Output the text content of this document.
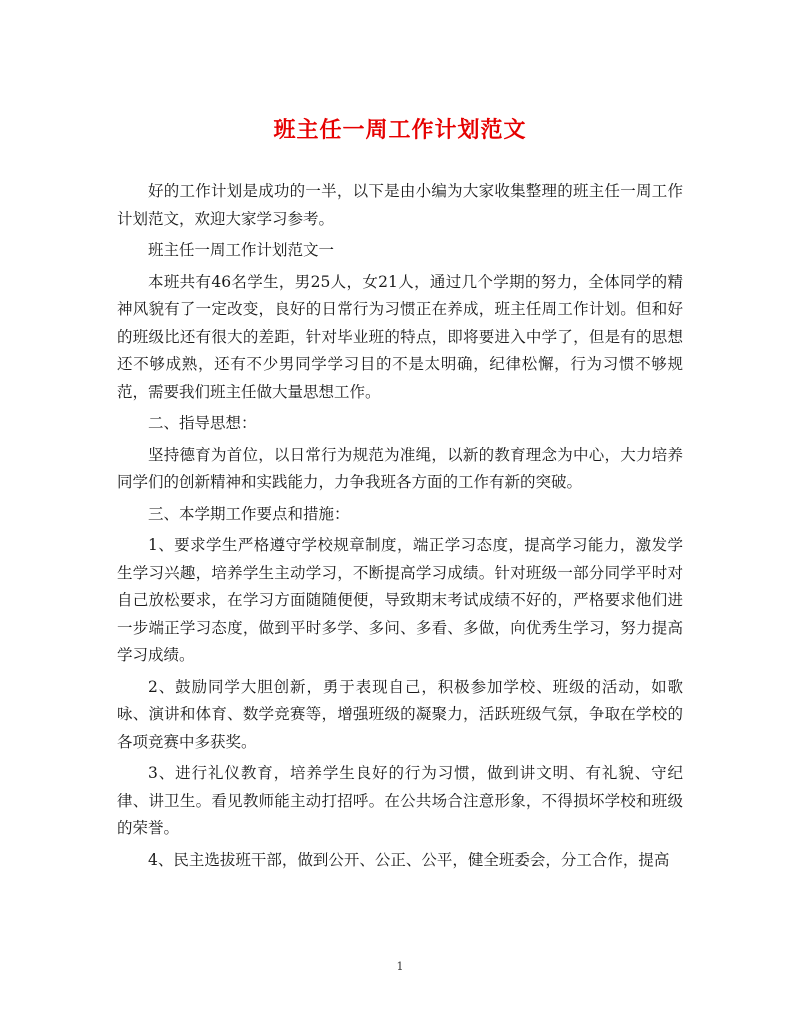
班主任一周工作计划范文

好的工作计划是成功的一半，以下是由小编为大家收集整理的班主任一周工作计划范文，欢迎大家学习参考。

班主任一周工作计划范文一

本班共有46名学生，男25人，女21人，通过几个学期的努力，全体同学的精神风貌有了一定改变，良好的日常行为习惯正在养成，班主任周工作计划。但和好的班级比还有很大的差距，针对毕业班的特点，即将要进入中学了，但是有的思想还不够成熟，还有不少男同学学习目的不是太明确，纪律松懈，行为习惯不够规范，需要我们班主任做大量思想工作。

二、指导思想：

坚持德育为首位，以日常行为规范为准绳，以新的教育理念为中心，大力培养同学们的创新精神和实践能力，力争我班各方面的工作有新的突破。

三、本学期工作要点和措施：

1、要求学生严格遵守学校规章制度，端正学习态度，提高学习能力，激发学生学习兴趣，培养学生主动学习，不断提高学习成绩。针对班级一部分同学平时对自己放松要求，在学习方面随随便便，导致期末考试成绩不好的，严格要求他们进一步端正学习态度，做到平时多学、多问、多看、多做，向优秀生学习，努力提高学习成绩。

2、鼓励同学大胆创新，勇于表现自己，积极参加学校、班级的活动，如歌咏、演讲和体育、数学竞赛等，增强班级的凝聚力，活跃班级气氛，争取在学校的各项竞赛中多获奖。

3、进行礼仪教育，培养学生良好的行为习惯，做到讲文明、有礼貌、守纪律、讲卫生。看见教师能主动打招呼。在公共场合注意形象，不得损坏学校和班级的荣誉。

4、民主选拔班干部，做到公开、公正、公平，健全班委会，分工合作，提高

1
